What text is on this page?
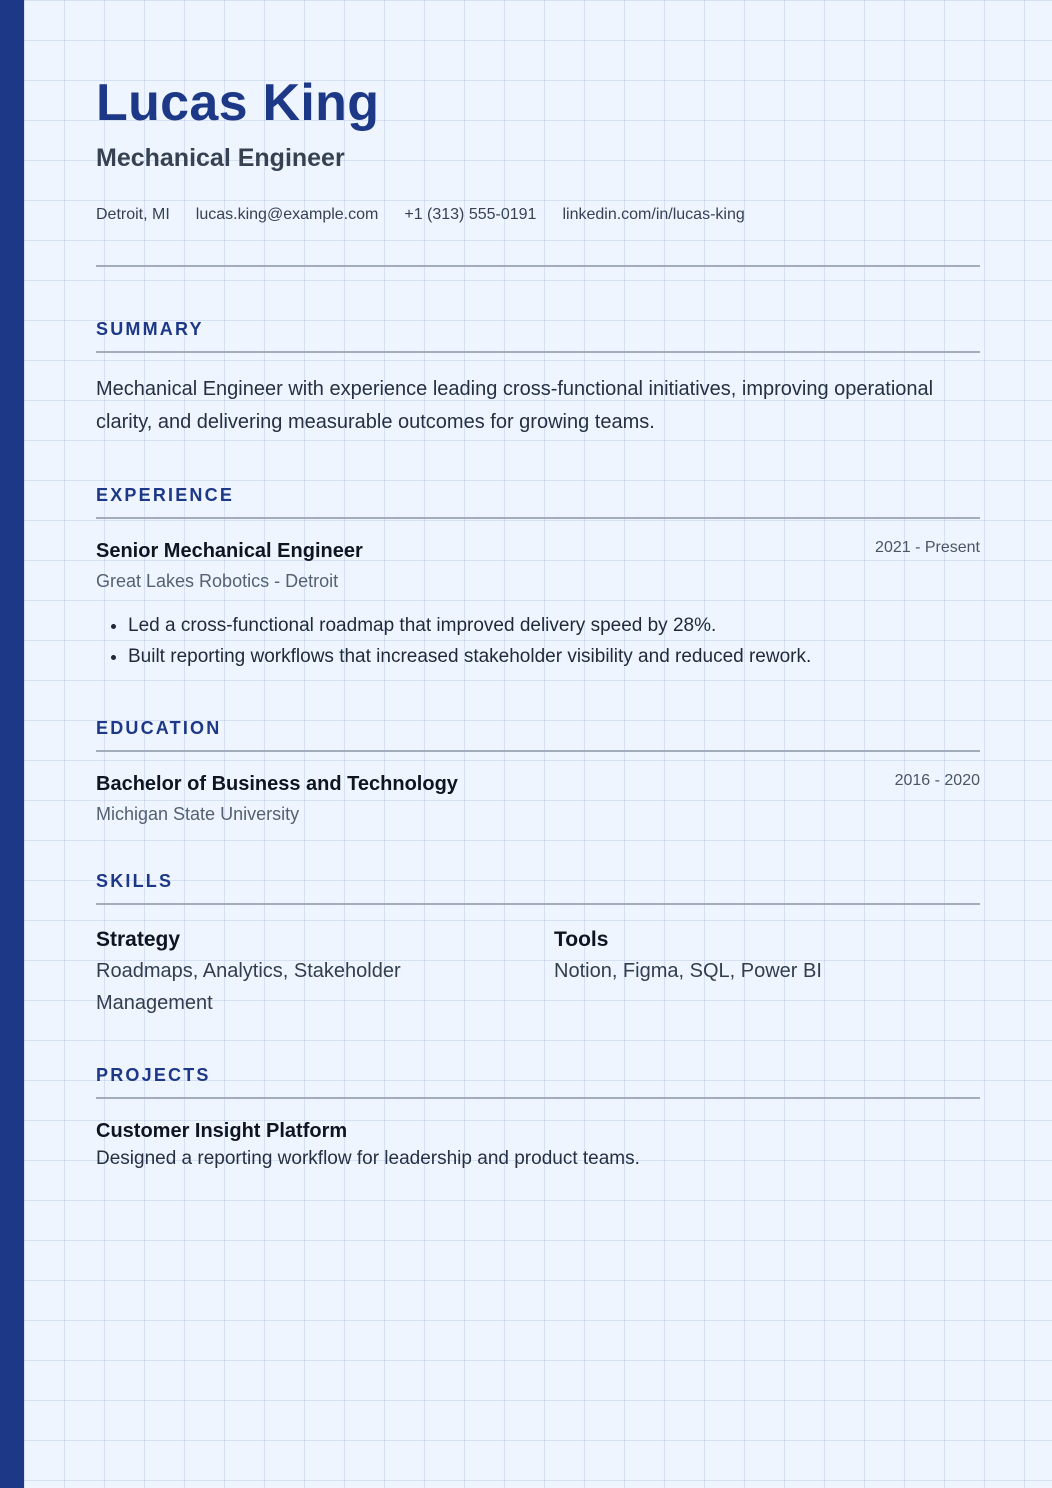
Lucas King
Mechanical Engineer
Detroit, MI lucas.king@example.com +1 (313) 555-0191 linkedin.com/in/lucas-king
SUMMARY
Mechanical Engineer with experience leading cross-functional initiatives, improving operational clarity, and delivering measurable outcomes for growing teams.
EXPERIENCE
Senior Mechanical Engineer	2021 - Present
Great Lakes Robotics - Detroit
• Led a cross-functional roadmap that improved delivery speed by 28%.
• Built reporting workflows that increased stakeholder visibility and reduced rework.
EDUCATION
Bachelor of Business and Technology	2016 - 2020
Michigan State University
SKILLS
Strategy
Roadmaps, Analytics, Stakeholder Management
Tools
Notion, Figma, SQL, Power BI
PROJECTS
Customer Insight Platform
Designed a reporting workflow for leadership and product teams.
